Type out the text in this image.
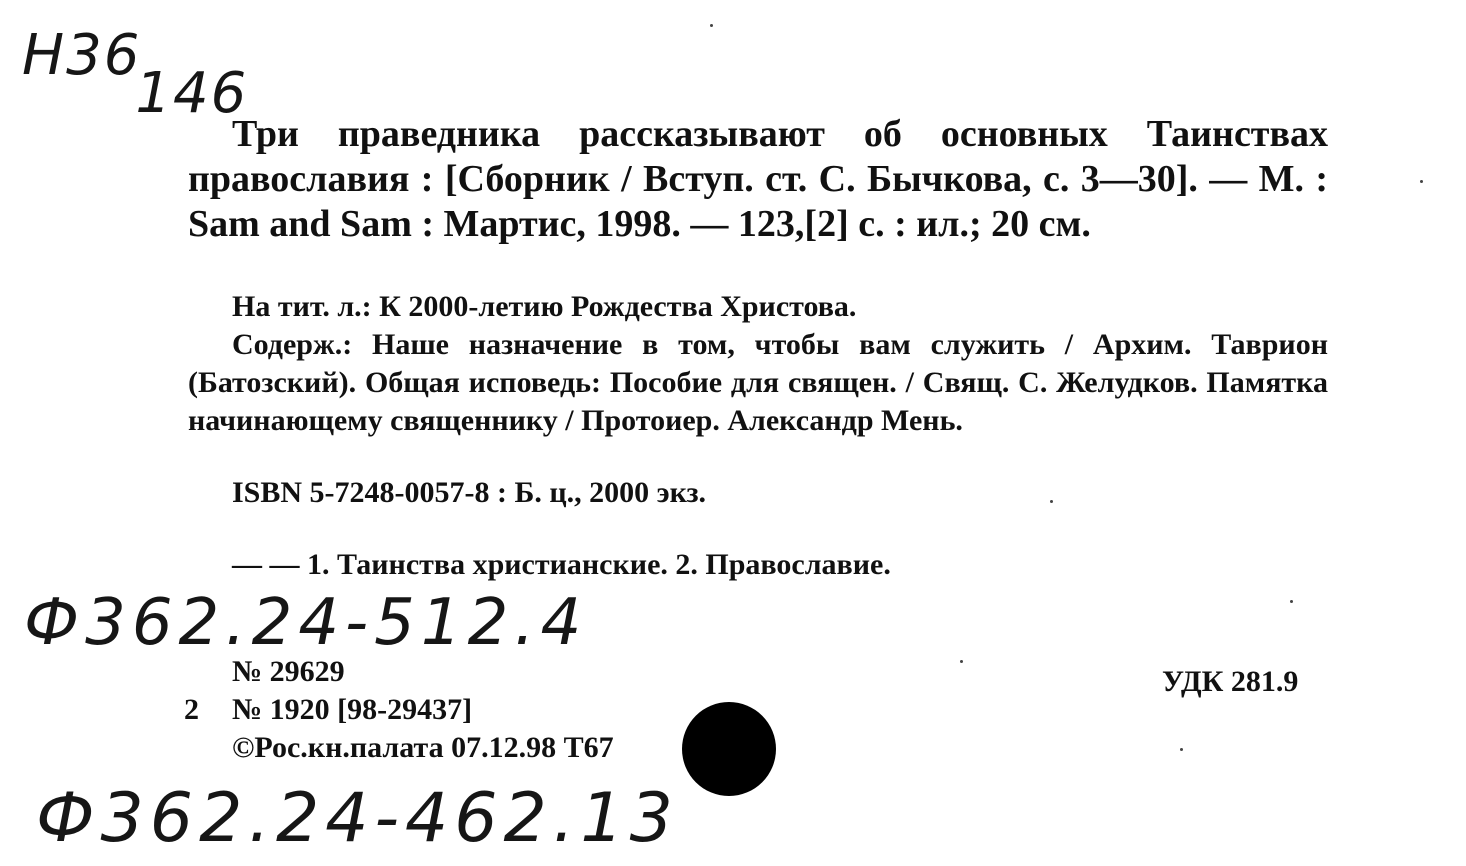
Н36146
Три праведника рассказывают об основных Таинствах православия : [Сборник / Вступ. ст. С. Бычкова, с. 3—30]. — М. : Sam and Sam : Мартис, 1998. — 123,[2] с. : ил.; 20 см.
На тит. л.: К 2000-летию Рождества Христова.
Содерж.: Наше назначение в том, чтобы вам служить / Архим. Таврион (Батозский). Общая исповедь: Пособие для священ. / Свящ. С. Желудков. Памятка начинающему священнику / Протоиер. Александр Мень.
ISBN 5-7248-0057-8 : Б. ц., 2000 экз.
— — 1. Таинства христианские. 2. Православие.
Ф362.24-512.4
№ 29629
2 № 1920 [98-29437]
©Рос.кн.палата 07.12.98 Т67
УДК 281.9
Ф362.24-462.13
